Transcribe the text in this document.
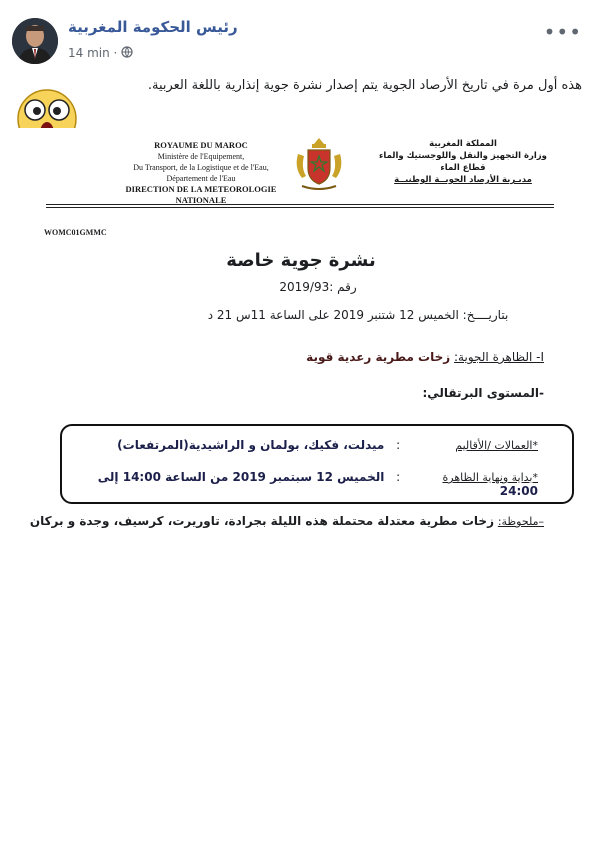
رئيس الحكومة المغربية
14 min ·
•••
هذه أول مرة في تاريخ الأرصاد الجوية يتم إصدار نشرة جوية إنذارية باللغة العربية.
ROYAUME DU MAROC
Ministère de l'Equipement,
Du Transport, de la Logistique et de l'Eau,
Département de l'Eau
DIRECTION DE LA METEOROLOGIE NATIONALE
المملكة المغربية
وزارة التجهيز والنقل واللوجستيك والماء
قطاع الماء
مديـرية الأرصاد الجويــة الوطنيــة
WOMC01GMMC
نشرة جوية خاصة
رقم :2019/93
بتاريــــخ: الخميس 12 شتنبر 2019 على الساعة 11س 21 د
I- الظاهرة الجوية: زخات مطرية رعدية قوية
-المستوى البرتقالي:
*العمالات /الأقاليم : ميدلت، فكيك، بولمان و الراشيدية(المرتفعات)
*بداية ونهاية الظاهرة : الخميس 12 سبتمبر 2019 من الساعة 14:00 إلى 24:00
–ملحوظة: زخات مطرية معتدلة محتملة هذه الليلة بجرادة، تاوريرت، كرسيف، وجدة و بركان
